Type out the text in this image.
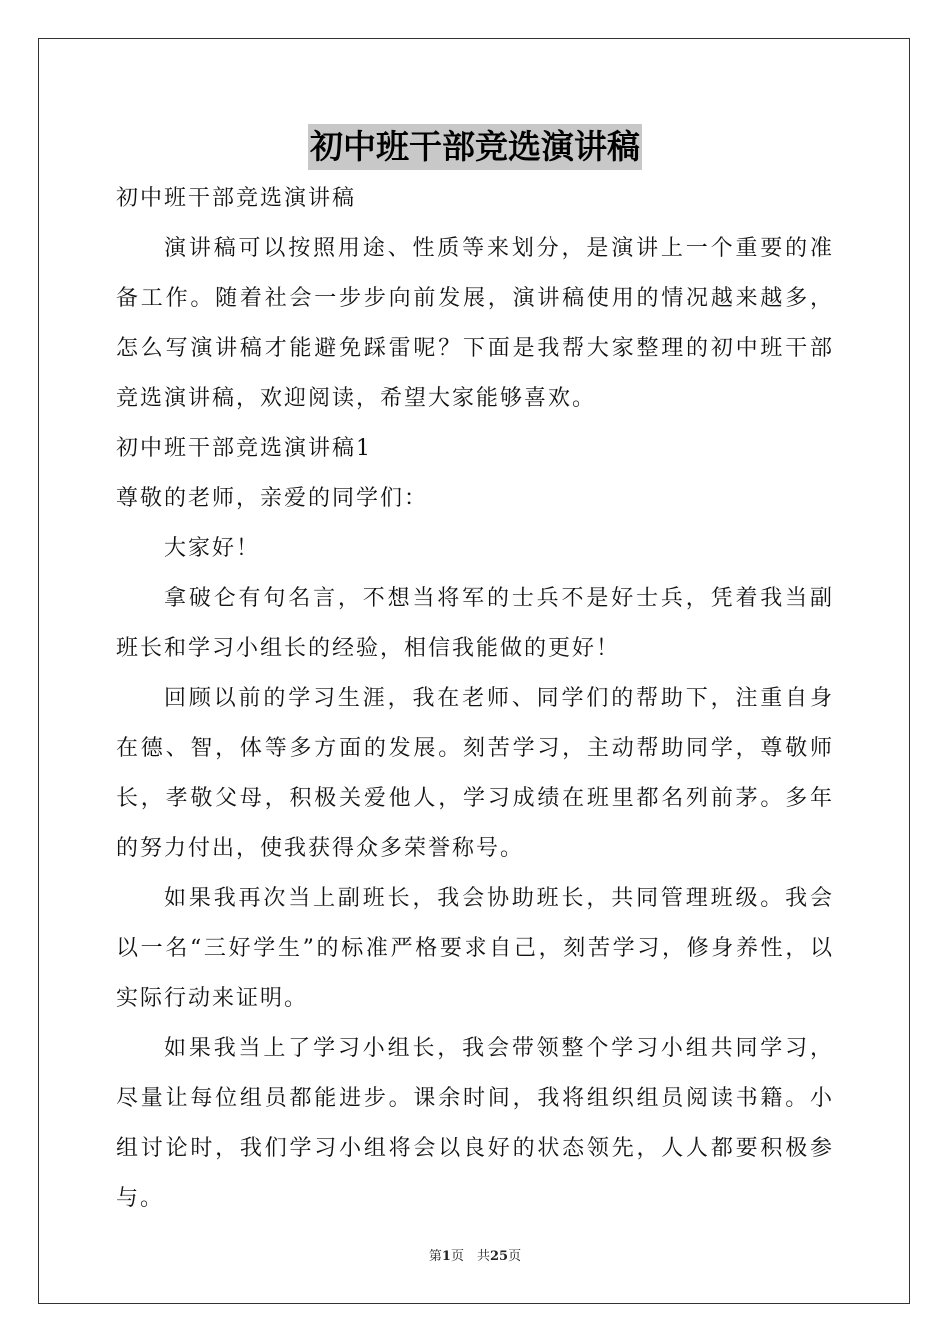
初中班干部竞选演讲稿

初中班干部竞选演讲稿

演讲稿可以按照用途、性质等来划分，是演讲上一个重要的准备工作。随着社会一步步向前发展，演讲稿使用的情况越来越多，怎么写演讲稿才能避免踩雷呢？下面是我帮大家整理的初中班干部竞选演讲稿，欢迎阅读，希望大家能够喜欢。

初中班干部竞选演讲稿1

尊敬的老师，亲爱的同学们：

大家好！

拿破仑有句名言，不想当将军的士兵不是好士兵，凭着我当副班长和学习小组长的经验，相信我能做的更好！

回顾以前的学习生涯，我在老师、同学们的帮助下，注重自身在德、智，体等多方面的发展。刻苦学习，主动帮助同学，尊敬师长，孝敬父母，积极关爱他人，学习成绩在班里都名列前茅。多年的努力付出，使我获得众多荣誉称号。

如果我再次当上副班长，我会协助班长，共同管理班级。我会以一名“三好学生”的标准严格要求自己，刻苦学习，修身养性，以实际行动来证明。

如果我当上了学习小组长，我会带领整个学习小组共同学习，尽量让每位组员都能进步。课余时间，我将组织组员阅读书籍。小组讨论时，我们学习小组将会以良好的状态领先，人人都要积极参与。

第1页　共25页
